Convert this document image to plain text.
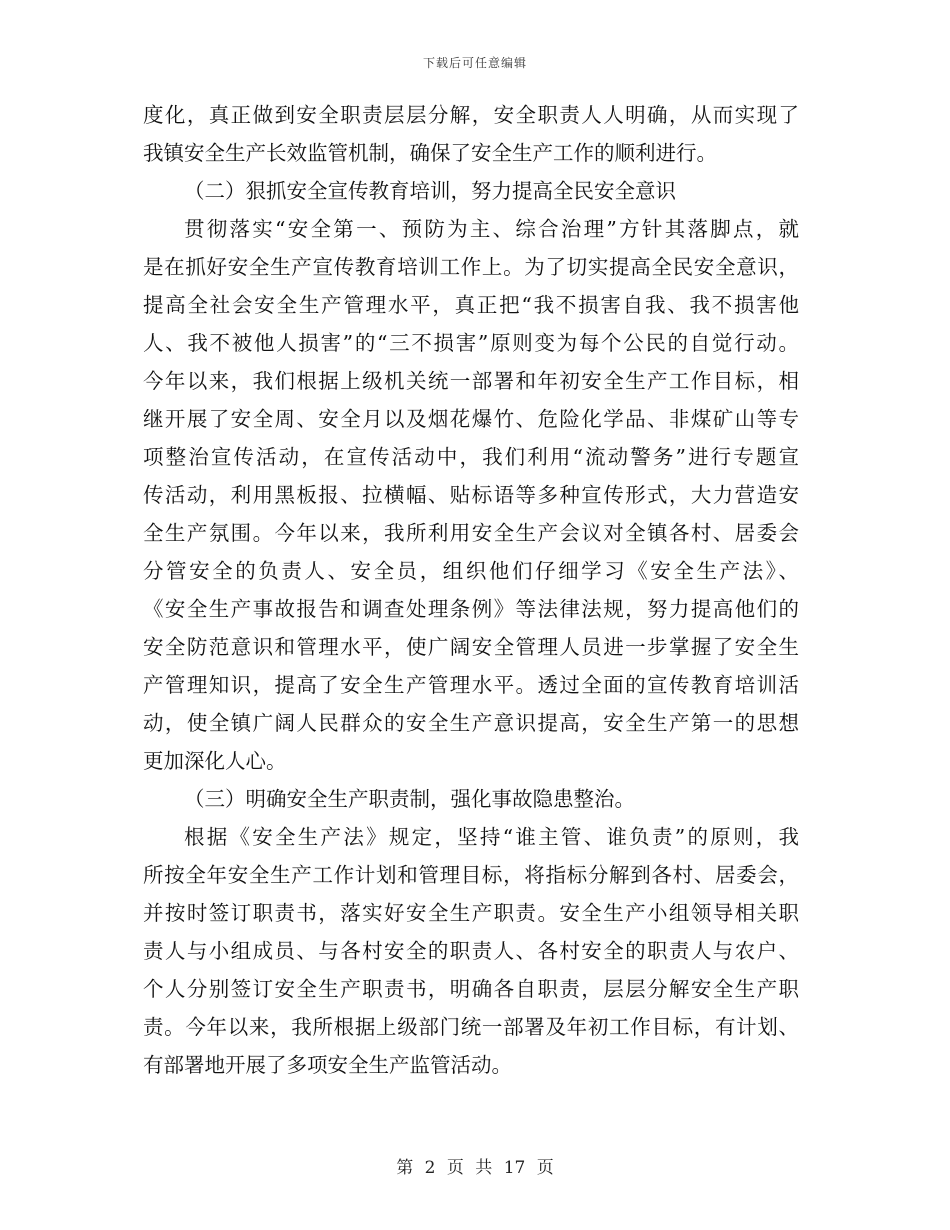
下载后可任意编辑
度化，真正做到安全职责层层分解，安全职责人人明确，从而实现了
我镇安全生产长效监管机制，确保了安全生产工作的顺利进行。
（二）狠抓安全宣传教育培训，努力提高全民安全意识
贯彻落实“安全第一、预防为主、综合治理”方针其落脚点，就
是在抓好安全生产宣传教育培训工作上。为了切实提高全民安全意识，
提高全社会安全生产管理水平，真正把“我不损害自我、我不损害他
人、我不被他人损害”的“三不损害”原则变为每个公民的自觉行动。
今年以来，我们根据上级机关统一部署和年初安全生产工作目标，相
继开展了安全周、安全月以及烟花爆竹、危险化学品、非煤矿山等专
项整治宣传活动，在宣传活动中，我们利用“流动警务”进行专题宣
传活动，利用黑板报、拉横幅、贴标语等多种宣传形式，大力营造安
全生产氛围。今年以来，我所利用安全生产会议对全镇各村、居委会
分管安全的负责人、安全员，组织他们仔细学习《安全生产法》、
《安全生产事故报告和调查处理条例》等法律法规，努力提高他们的
安全防范意识和管理水平，使广阔安全管理人员进一步掌握了安全生
产管理知识，提高了安全生产管理水平。透过全面的宣传教育培训活
动，使全镇广阔人民群众的安全生产意识提高，安全生产第一的思想
更加深化人心。
（三）明确安全生产职责制，强化事故隐患整治。
根据《安全生产法》规定，坚持“谁主管、谁负责”的原则，我
所按全年安全生产工作计划和管理目标，将指标分解到各村、居委会，
并按时签订职责书，落实好安全生产职责。安全生产小组领导相关职
责人与小组成员、与各村安全的职责人、各村安全的职责人与农户、
个人分别签订安全生产职责书，明确各自职责，层层分解安全生产职
责。今年以来，我所根据上级部门统一部署及年初工作目标，有计划、
有部署地开展了多项安全生产监管活动。
第 2 页 共 17 页
